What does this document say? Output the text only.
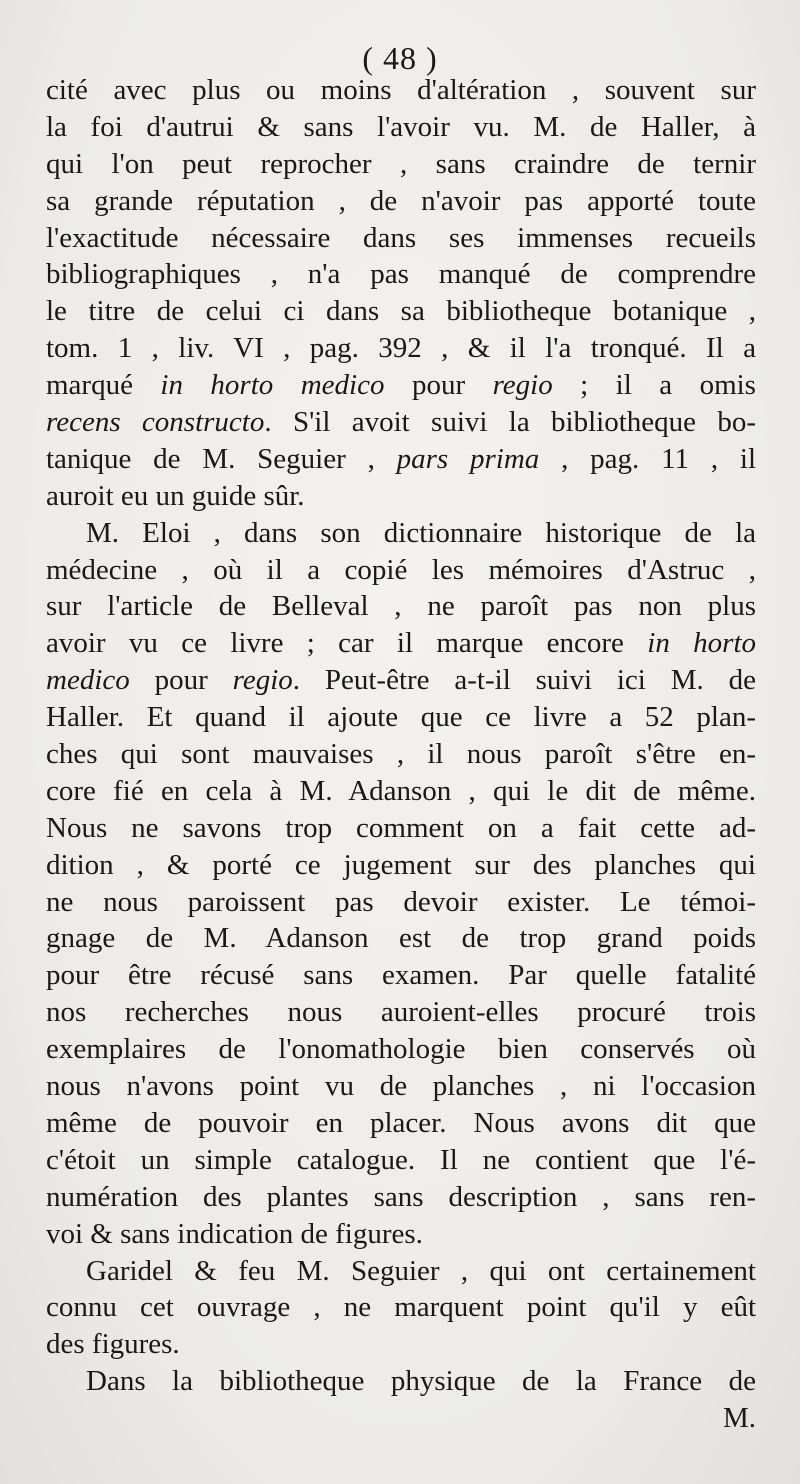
( 48 )
cité avec plus ou moins d'altération , souvent sur
la foi d'autrui & sans l'avoir vu. M. de Haller, à
qui l'on peut reprocher , sans craindre de ternir
sa grande réputation , de n'avoir pas apporté toute
l'exactitude nécessaire dans ses immenses recueils
bibliographiques , n'a pas manqué de comprendre
le titre de celui ci dans sa bibliotheque botanique ,
tom. 1 , liv. VI , pag. 392 , & il l'a tronqué. Il a
marqué in horto medico pour regio ; il a omis
recens constructo. S'il avoit suivi la bibliotheque bo-
tanique de M. Seguier , pars prima , pag. 11 , il
auroit eu un guide sûr.
M. Eloi , dans son dictionnaire historique de la
médecine , où il a copié les mémoires d'Astruc ,
sur l'article de Belleval , ne paroît pas non plus
avoir vu ce livre ; car il marque encore in horto
medico pour regio. Peut-être a-t-il suivi ici M. de
Haller. Et quand il ajoute que ce livre a 52 plan-
ches qui sont mauvaises , il nous paroît s'être en-
core fié en cela à M. Adanson , qui le dit de même.
Nous ne savons trop comment on a fait cette ad-
dition , & porté ce jugement sur des planches qui
ne nous paroissent pas devoir exister. Le témoi-
gnage de M. Adanson est de trop grand poids
pour être récusé sans examen. Par quelle fatalité
nos recherches nous auroient-elles procuré trois
exemplaires de l'onomathologie bien conservés où
nous n'avons point vu de planches , ni l'occasion
même de pouvoir en placer. Nous avons dit que
c'étoit un simple catalogue. Il ne contient que l'é-
numération des plantes sans description , sans ren-
voi & sans indication de figures.
Garidel & feu M. Seguier , qui ont certainement
connu cet ouvrage , ne marquent point qu'il y eût
des figures.
Dans la bibliotheque physique de la France de
M.
